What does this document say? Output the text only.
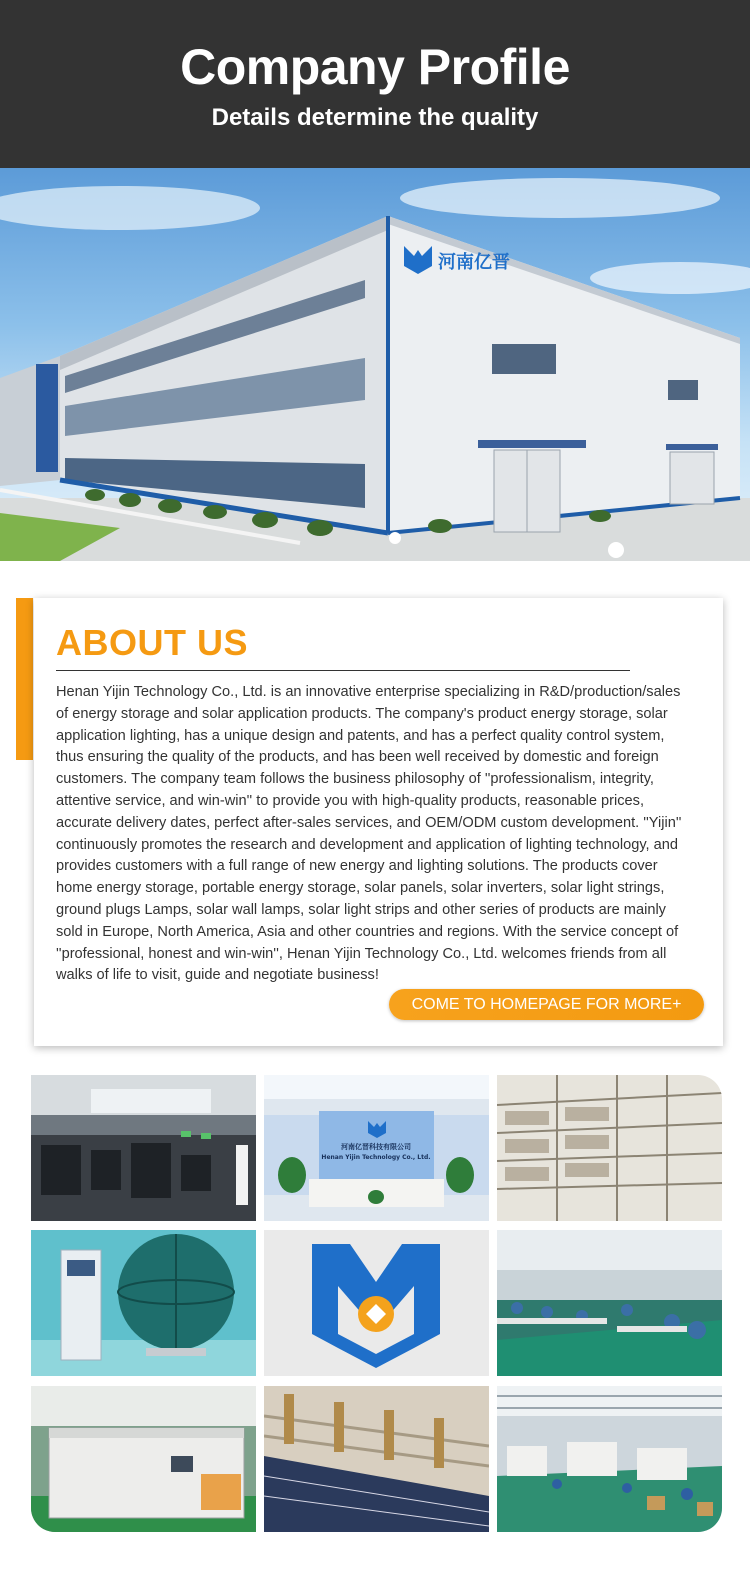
Company Profile
Details determine the quality
河南亿晋
ABOUT US
Henan Yijin Technology Co., Ltd. is an innovative enterprise specializing in R&D/production/sales of energy storage and solar application products. The company's product energy storage, solar application lighting, has a unique design and patents, and has a perfect quality control system, thus ensuring the quality of the products, and has been well received by domestic and foreign customers. The company team follows the business philosophy of ''professionalism, integrity, attentive service, and win-win'' to provide you with high-quality products, reasonable prices, accurate delivery dates, perfect after-sales services, and OEM/ODM custom development. ''Yijin'' continuously promotes the research and development and application of lighting technology, and provides customers with a full range of new energy and lighting solutions. The products cover home energy storage, portable energy storage, solar panels, solar inverters, solar light strings, ground plugs Lamps, solar wall lamps, solar light strips and other series of products are mainly sold in Europe, North America, Asia and other countries and regions. With the service concept of ''professional, honest and win-win'', Henan Yijin Technology Co., Ltd. welcomes friends from all walks of life to visit, guide and negotiate business!
COME TO HOMEPAGE FOR MORE+
河南亿晋科技有限公司
Henan Yijin Technology Co., Ltd.
